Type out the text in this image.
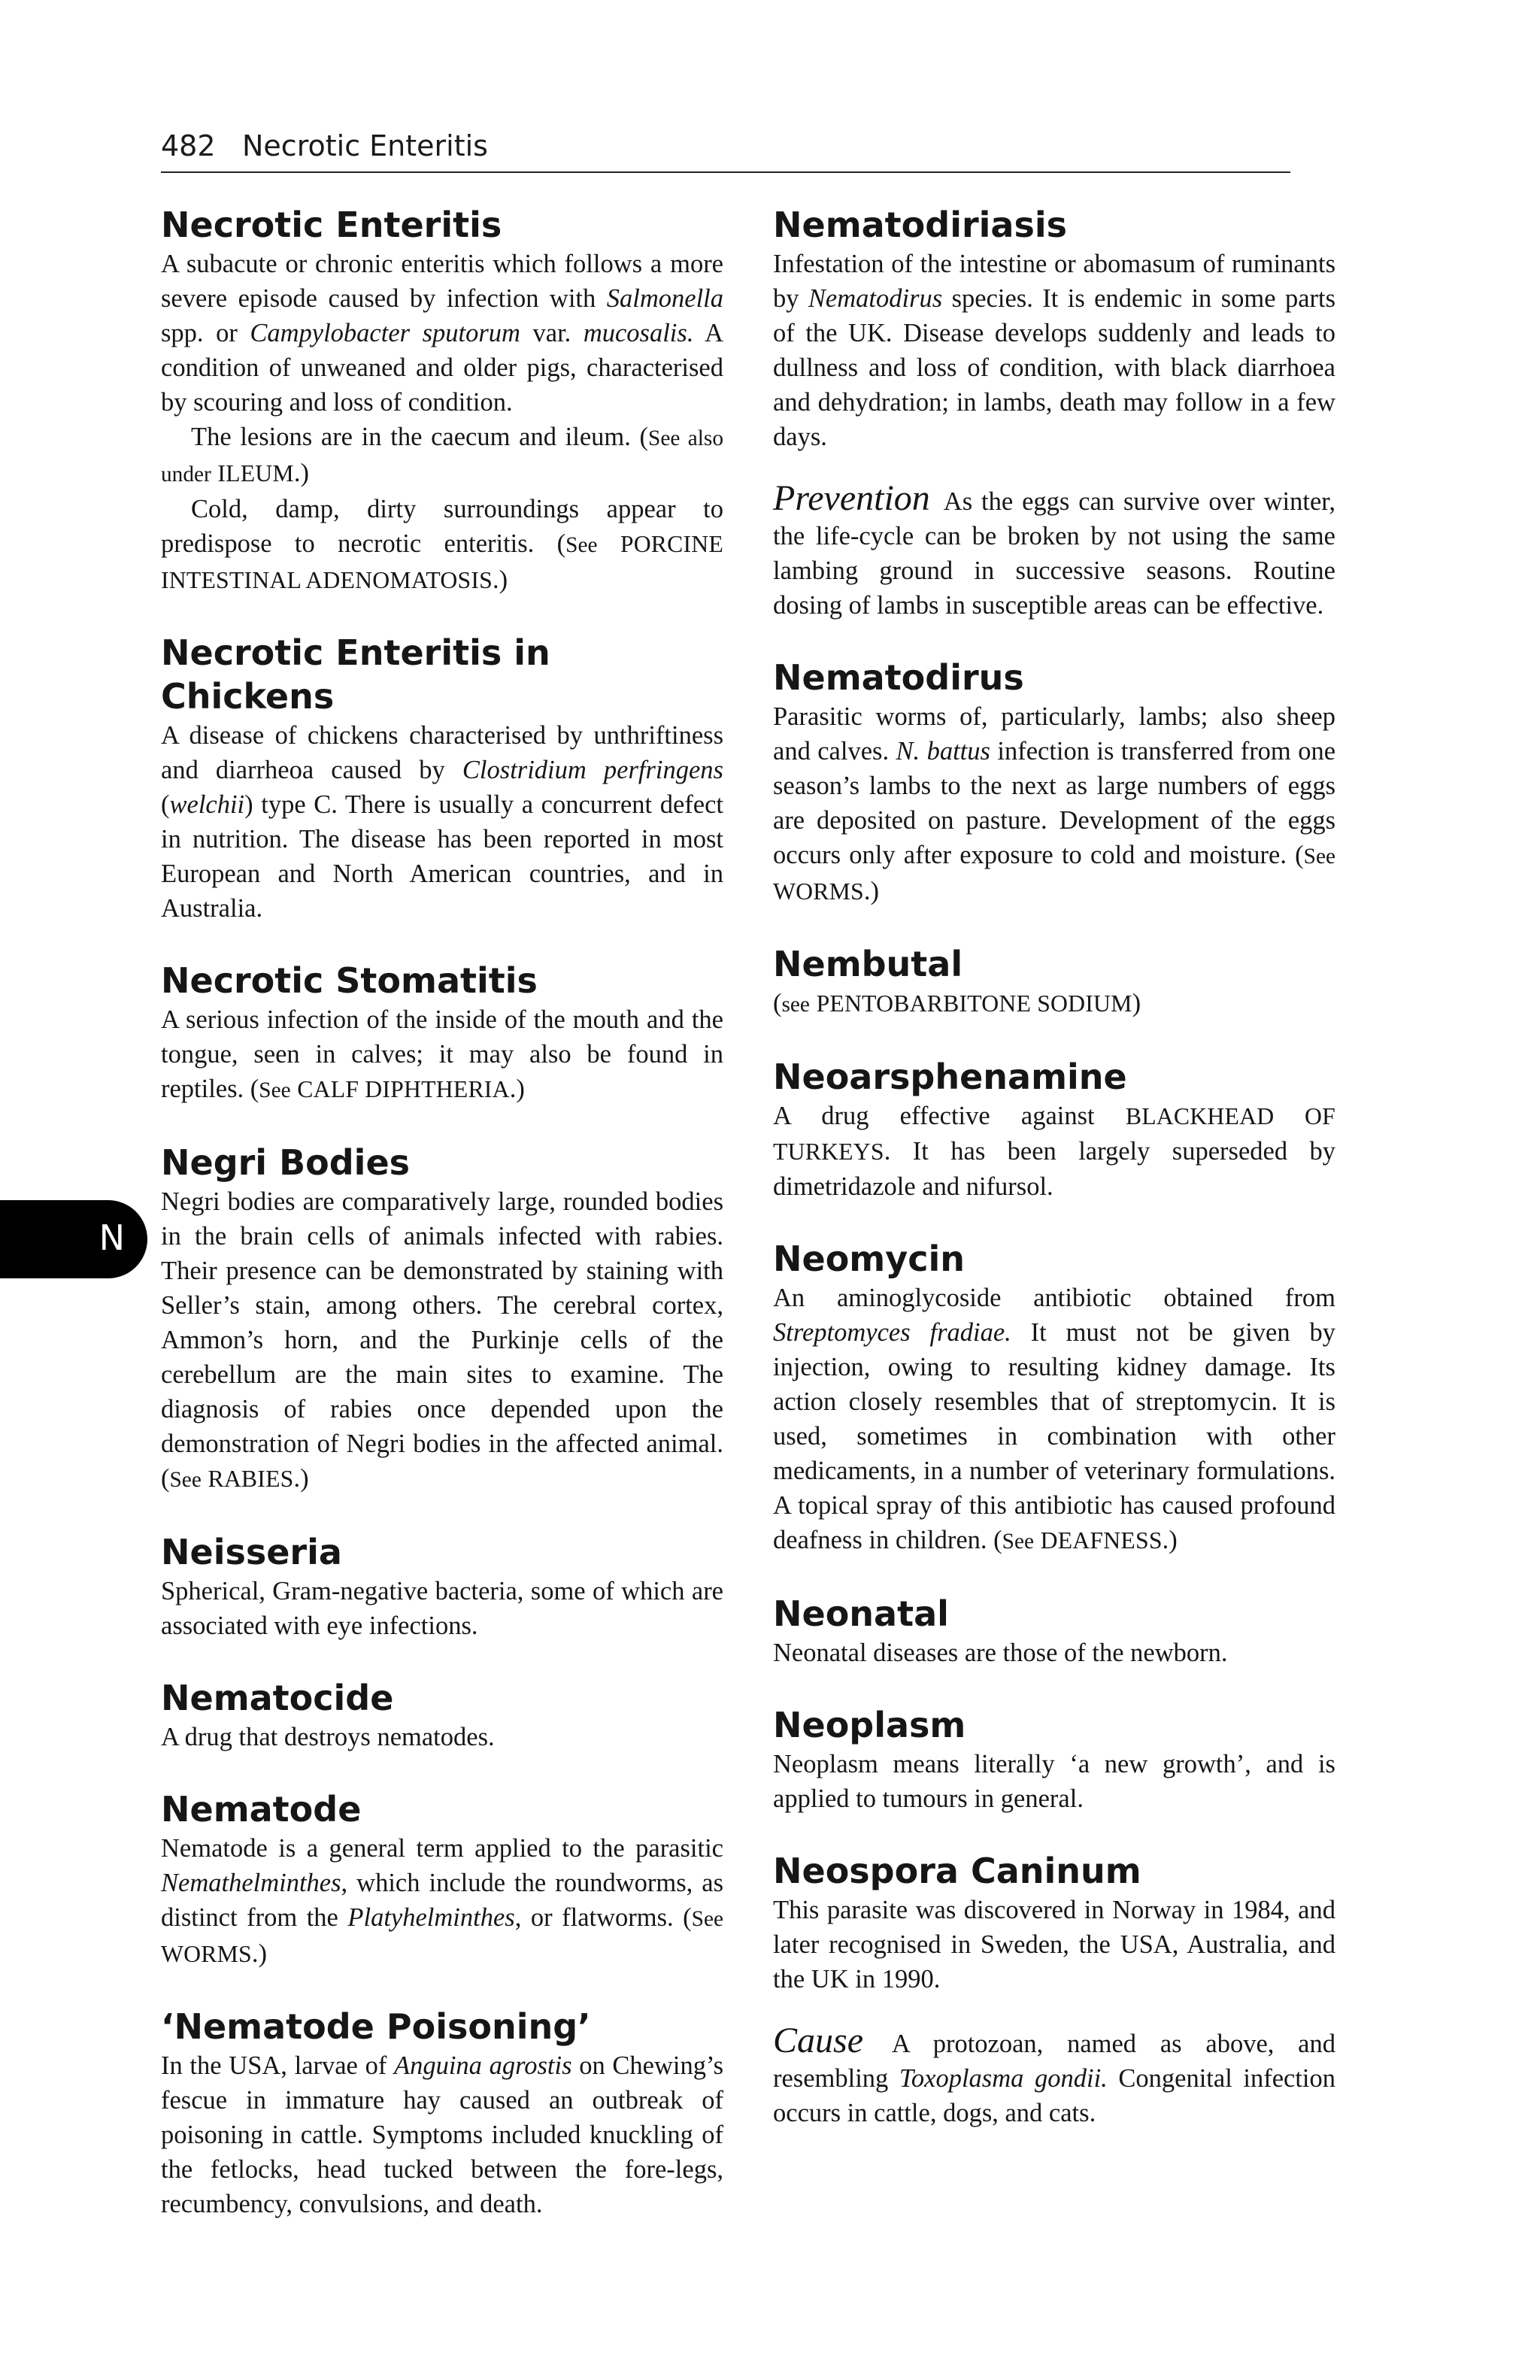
482 Necrotic Enteritis
N
Necrotic Enteritis

A subacute or chronic enteritis which follows a more severe episode caused by infection with Salmonella spp. or Campylobacter sputorum var. mucosalis. A condition of unweaned and older pigs, characterised by scouring and loss of condition.

The lesions are in the caecum and ileum. (See also under ILEUM.)

Cold, damp, dirty surroundings appear to predispose to necrotic enteritis. (See PORCINE INTESTINAL ADENOMATOSIS.)

Necrotic Enteritis in Chickens

A disease of chickens characterised by unthriftiness and diarrheoa caused by Clostridium perfringens (welchii) type C. There is usually a concurrent defect in nutrition. The disease has been reported in most European and North American countries, and in Australia.

Necrotic Stomatitis

A serious infection of the inside of the mouth and the tongue, seen in calves; it may also be found in reptiles. (See CALF DIPHTHERIA.)

Negri Bodies

Negri bodies are comparatively large, rounded bodies in the brain cells of animals infected with rabies. Their presence can be demonstrated by staining with Seller’s stain, among others. The cerebral cortex, Ammon’s horn, and the Purkinje cells of the cerebellum are the main sites to examine. The diagnosis of rabies once depended upon the demonstration of Negri bodies in the affected animal. (See RABIES.)

Neisseria

Spherical, Gram-negative bacteria, some of which are associated with eye infections.

Nematocide

A drug that destroys nematodes.

Nematode

Nematode is a general term applied to the parasitic Nemathelminthes, which include the roundworms, as distinct from the Platyhelminthes, or flatworms. (See WORMS.)

‘Nematode Poisoning’

In the USA, larvae of Anguina agrostis on Chewing’s fescue in immature hay caused an outbreak of poisoning in cattle. Symptoms included knuckling of the fetlocks, head tucked between the fore-legs, recumbency, convulsions, and death.

Nematodiriasis

Infestation of the intestine or abomasum of ruminants by Nematodirus species. It is endemic in some parts of the UK. Disease develops suddenly and leads to dullness and loss of condition, with black diarrhoea and dehydration; in lambs, death may follow in a few days.

Prevention As the eggs can survive over winter, the life-cycle can be broken by not using the same lambing ground in successive seasons. Routine dosing of lambs in susceptible areas can be effective.

Nematodirus

Parasitic worms of, particularly, lambs; also sheep and calves. N. battus infection is transferred from one season’s lambs to the next as large numbers of eggs are deposited on pasture. Development of the eggs occurs only after exposure to cold and moisture. (See WORMS.)

Nembutal

(see PENTOBARBITONE SODIUM)

Neoarsphenamine

A drug effective against BLACKHEAD OF TURKEYS. It has been largely superseded by dimetridazole and nifursol.

Neomycin

An aminoglycoside antibiotic obtained from Streptomyces fradiae. It must not be given by injection, owing to resulting kidney damage. Its action closely resembles that of streptomycin. It is used, sometimes in combination with other medicaments, in a number of veterinary formulations. A topical spray of this antibiotic has caused profound deafness in children. (See DEAFNESS.)

Neonatal

Neonatal diseases are those of the newborn.

Neoplasm

Neoplasm means literally ‘a new growth’, and is applied to tumours in general.

Neospora Caninum

This parasite was discovered in Norway in 1984, and later recognised in Sweden, the USA, Australia, and the UK in 1990.

Cause A protozoan, named as above, and resembling Toxoplasma gondii. Congenital infection occurs in cattle, dogs, and cats.
